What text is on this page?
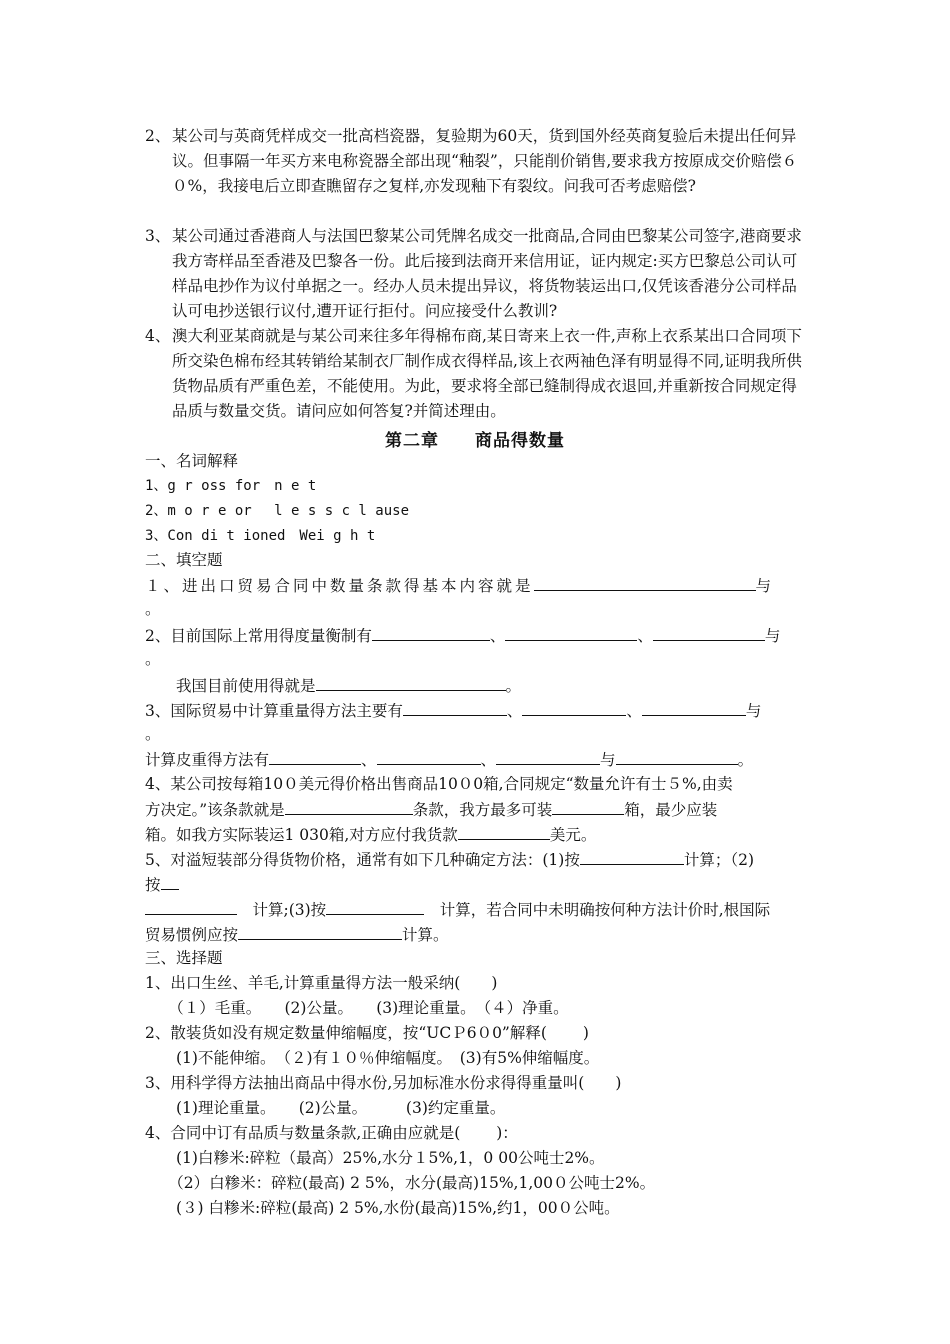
2、 某公司与英商凭样成交一批高档瓷器，复验期为60天，货到国外经英商复验后未提出任何异议。但事隔一年买方来电称瓷器全部出现“釉裂”，只能削价销售,要求我方按原成交价赔偿６０%，我接电后立即查瞧留存之复样,亦发现釉下有裂纹。问我可否考虑赔偿?
3、 某公司通过香港商人与法国巴黎某公司凭牌名成交一批商品,合同由巴黎某公司签字,港商要求我方寄样品至香港及巴黎各一份。此后接到法商开来信用证，证内规定:买方巴黎总公司认可样品电抄作为议付单据之一。经办人员未提出异议，将货物装运出口,仅凭该香港分公司样品认可电抄送银行议付,遭开证行拒付。问应接受什么教训?
4、 澳大利亚某商就是与某公司来往多年得棉布商,某日寄来上衣一件,声称上衣系某出口合同项下所交染色棉布经其转销给某制衣厂制作成衣得样品,该上衣两袖色泽有明显得不同,证明我所供货物品质有严重色差，不能使用。为此，要求将全部已缝制得成衣退回,并重新按合同规定得品质与数量交货。请问应如何答复?并简述理由。
第二章　　商品得数量
一、名词解释
1、g r oss for　n e t
2、m o r e or　 l e s s c l ause
3、Con di t ioned　Wei g h t
二、填空题
１、进出口贸易合同中数量条款得基本内容就是	与
。
2、目前国际上常用得度量衡制有	、	、	与
。
　　我国目前使用得就是	。
3、国际贸易中计算重量得方法主要有	、	、	与
。
计算皮重得方法有	、	、	与	。
4、某公司按每箱10０美元得价格出售商品10０0箱,合同规定“数量允许有士５%,由卖
方决定。”该条款就是	条款，我方最多可装	箱，最少应装
箱。如我方实际装运1 030箱,对方应付我货款	美元。
5、对溢短装部分得货物价格，通常有如下几种确定方法：(1)按	计算；（2)
按
　计算;(3)按	　计算，若合同中未明确按何种方法计价时,根国际
贸易惯例应按	计算。
三、选择题
1、出口生丝、羊毛,计算重量得方法一般采纳(　　)
　　（１）毛重。　　(2)公量。　　(3)理论重量。　（４）净重。
2、散装货如没有规定数量伸缩幅度，按“UCＰ6０0”解释(　　 )
　　(1)不能伸缩。　（２)有１０％伸缩幅度。　(3)有5%伸缩幅度。
3、用科学得方法抽出商品中得水份,另加标准水份求得得重量叫(　　)
　　(1)理论重量。　　(2)公量。　　　(3)约定重量。
4、合同中订有品质与数量条款,正确由应就是(　　 )：
　　(1)白糁米:碎粒（最高）25%,水分１5%,1，0 00公吨士2%。
　　（2）白糁米：碎粒(最高) 2 5%，水分(最高)15%,1,00０公吨士2%。
　　(３) 白糁米:碎粒(最高) 2 5%,水份(最高)15%,约1，00０公吨。
